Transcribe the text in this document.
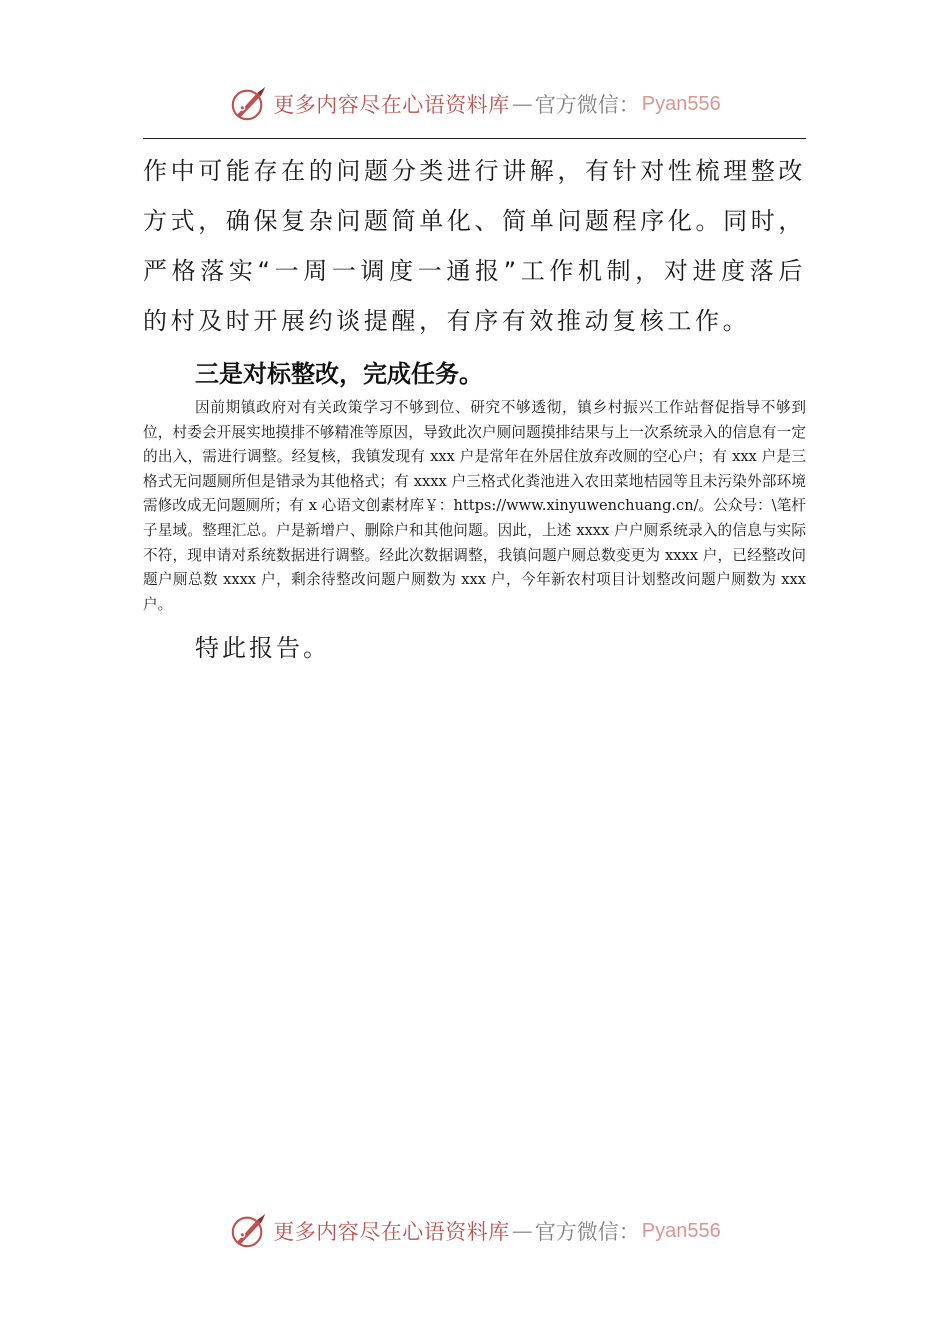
更多内容尽在心语资料库 — 官方微信： Pyan556

作中可能存在的问题分类进行讲解，有针对性梳理整改方式，确保复杂问题简单化、简单问题程序化。同时，严格落实“一周一调度一通报”工作机制，对进度落后的村及时开展约谈提醒，有序有效推动复核工作。

三是对标整改，完成任务。

因前期镇政府对有关政策学习不够到位、研究不够透彻，镇乡村振兴工作站督促指导不够到位，村委会开展实地摸排不够精准等原因，导致此次户厕问题摸排结果与上一次系统录入的信息有一定的出入，需进行调整。经复核，我镇发现有 xxx 户是常年在外居住放弃改厕的空心户；有 xxx 户是三格式无问题厕所但是错录为其他格式；有 xxxx 户三格式化粪池进入农田菜地桔园等且未污染外部环境需修改成无问题厕所；有 x 心语文创素材库￥：https://www.xinyuwenchuang.cn/。公众号：\笔杆子星域。整理汇总。户是新增户、删除户和其他问题。因此，上述 xxxx 户户厕系统录入的信息与实际不符，现申请对系统数据进行调整。经此次数据调整，我镇问题户厕总数变更为 xxxx 户，已经整改问题户厕总数 xxxx 户，剩余待整改问题户厕数为 xxx 户，今年新农村项目计划整改问题户厕数为 xxx 户。

特此报告。

更多内容尽在心语资料库 — 官方微信： Pyan556
